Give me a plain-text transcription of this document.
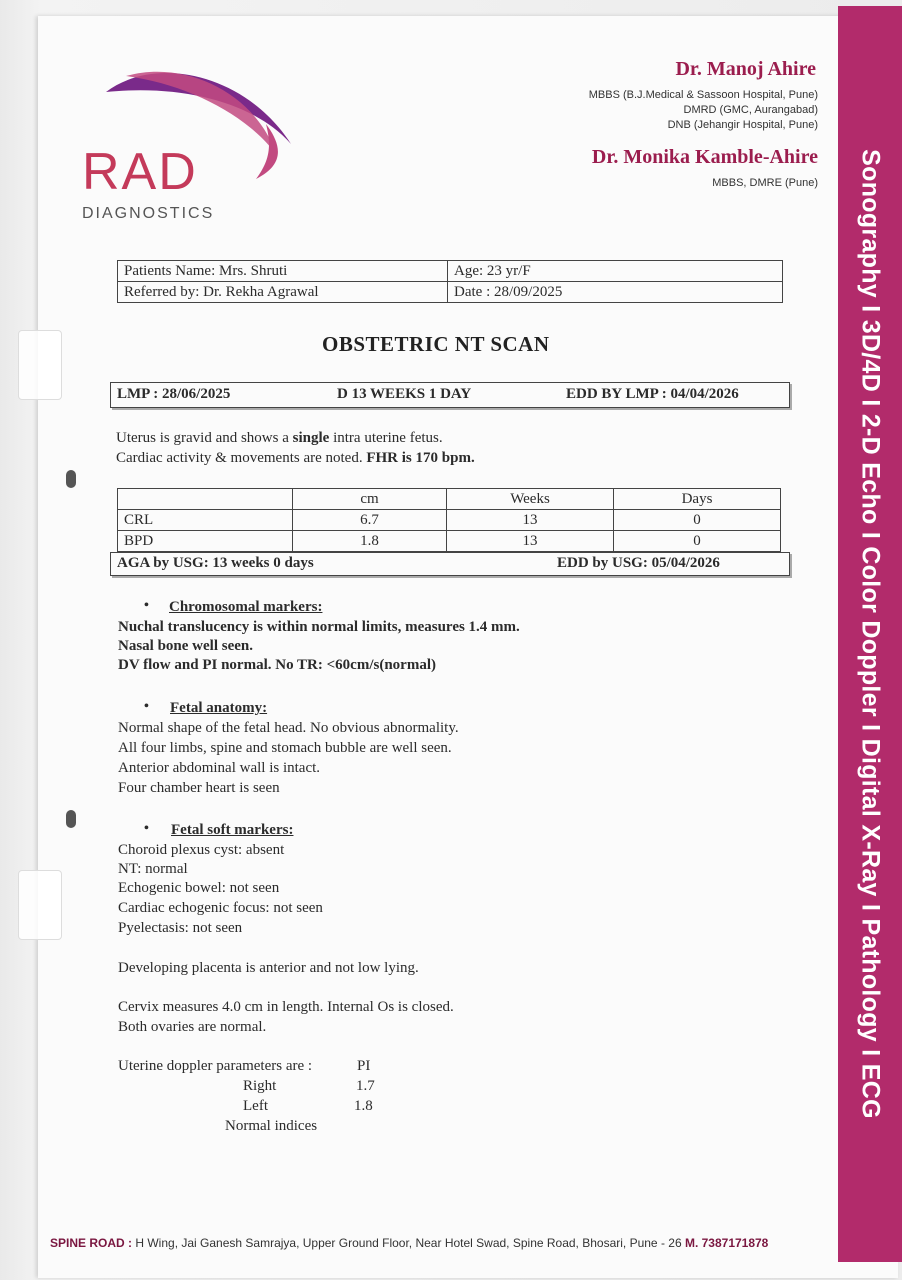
Sonography I 3D/4D I 2-D Echo I Color Doppler I Digital X-Ray I Pathology I ECG
RAD
DIAGNOSTICS
Dr. Manoj Ahire
MBBS (B.J.Medical & Sassoon Hospital, Pune)
DMRD (GMC, Aurangabad)
DNB (Jehangir Hospital, Pune)
Dr. Monika Kamble-Ahire
MBBS, DMRE (Pune)
Patients Name: Mrs. Shruti	Age: 23 yr/F
Referred by: Dr. Rekha Agrawal	Date : 28/09/2025
OBSTETRIC NT SCAN
LMP : 28/06/2025	D 13 WEEKS 1 DAY	EDD BY LMP : 04/04/2026
Uterus is gravid and shows a single intra uterine fetus.
Cardiac activity & movements are noted. FHR is 170 bpm.
	cm	Weeks	Days
CRL	6.7	13	0
BPD	1.8	13	0
AGA by USG: 13 weeks 0 days	EDD by USG: 05/04/2026
• Chromosomal markers:
Nuchal translucency is within normal limits, measures 1.4 mm.
Nasal bone well seen.
DV flow and PI normal. No TR: <60cm/s(normal)
• Fetal anatomy:
Normal shape of the fetal head. No obvious abnormality.
All four limbs, spine and stomach bubble are well seen.
Anterior abdominal wall is intact.
Four chamber heart is seen
• Fetal soft markers:
Choroid plexus cyst: absent
NT: normal
Echogenic bowel: not seen
Cardiac echogenic focus: not seen
Pyelectasis: not seen
Developing placenta is anterior and not low lying.
Cervix measures 4.0 cm in length. Internal Os is closed.
Both ovaries are normal.
Uterine doppler parameters are :	PI
Right	1.7
Left	1.8
Normal indices
SPINE ROAD : H Wing, Jai Ganesh Samrajya, Upper Ground Floor, Near Hotel Swad, Spine Road, Bhosari, Pune - 26 M. 7387171878
